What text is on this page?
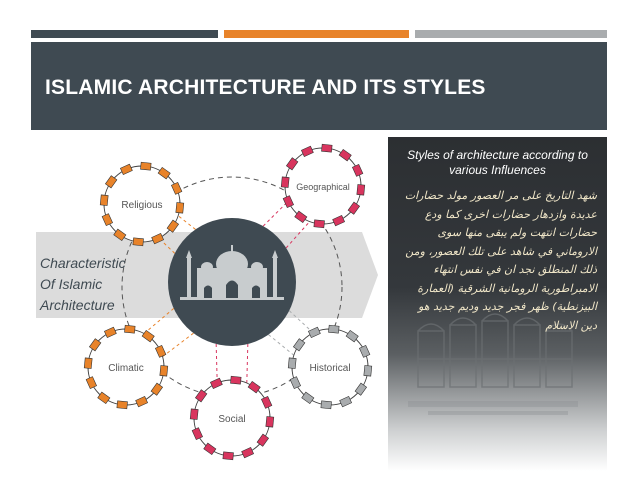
ISLAMIC ARCHITECTURE AND ITS STYLES
Religious
Geographical
Historical
Social
Climatic
Characteristic
Of Islamic
Architecture

Styles of architecture according to various Influences

شهد التاريخ على مر العصور مولد حضارات عديدة وازدهار حضارات اخرى كما ودع حضارات انتهت ولم يبقى منها سوى الاروماني في شاهد على تلك العصور، ومن ذلك المنطلق نجد ان في نفس انتهاء الامبراطورية الرومانية الشرقية (العمارة البيزنطية) ظهر فجر جديد وديم جديد هو دين الاسلام
